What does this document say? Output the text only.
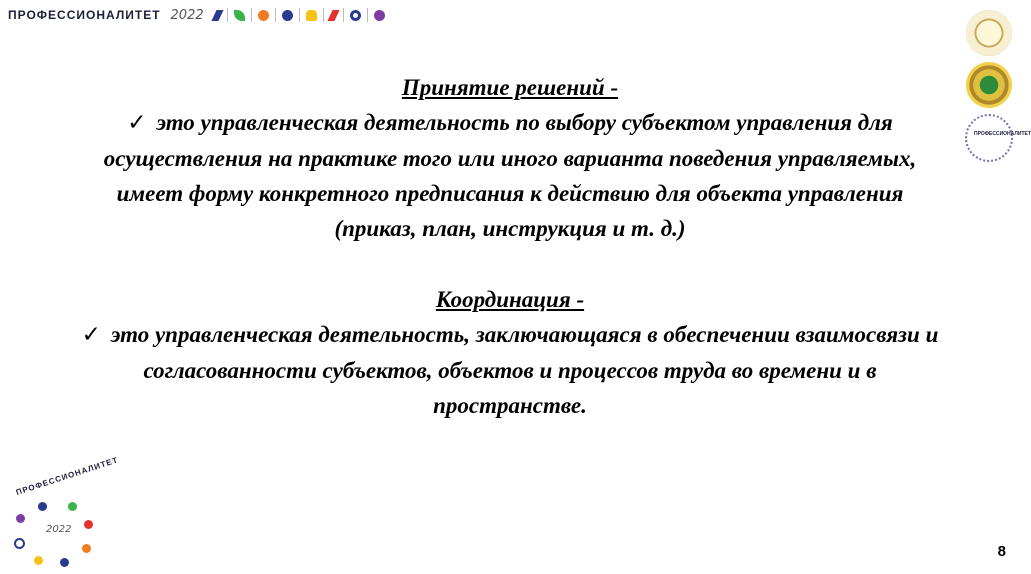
ПРОФЕССИОНАЛИТЕТ 2022
ПРОФЕССИОНАЛИТЕТ
Принятие решений -
✓ это управленческая деятельность по выбору субъектом управления для осуществления на практике того или иного варианта поведения управляемых, имеет форму конкретного предписания к действию для объекта управления (приказ, план, инструкция и т. д.)
Координация -
✓ это управленческая деятельность, заключающаяся в обеспечении взаимосвязи и согласованности субъектов, объектов и процессов труда во времени и в пространстве.
ПРОФЕССИОНАЛИТЕТ
2022
8
